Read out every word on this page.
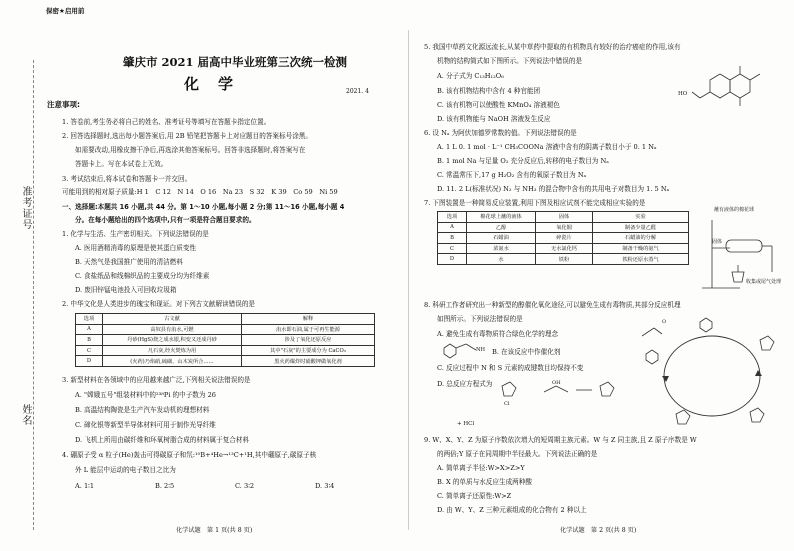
准考证号
姓名
保密★启用前
肇庆市 2021 届高中毕业班第三次统一检测
化　学	2021. 4
注意事项:
1. 答卷前,考生务必将自己的姓名、准考证号等填写在答题卡指定位置。
2. 回答选择题时,选出每小题答案后,用 2B 铅笔把答题卡上对应题目的答案标号涂黑。
如需要改动,用橡皮擦干净后,再选涂其他答案标号。回答非选择题时,将答案写在
答题卡上。写在本试卷上无效。
3. 考试结束后,将本试卷和答题卡一并交回。
可能用到的相对原子质量:H 1　C 12　N 14　O 16　Na 23　S 32　K 39　Co 59　Ni 59
一、选择题:本题共 16 小题,共 44 分。第 1～10 小题,每小题 2 分;第 11～16 小题,每小题 4
分。在每小题给出的四个选项中,只有一项是符合题目要求的。
1. 化学与生活、生产密切相关。下列说法错误的是
A. 医用酒精消毒的原理是使其蛋白质变性
B. 天然气是我国推广使用的清洁燃料
C. 食盐纸品和线棉织品的主要成分均为纤维素
D. 废旧锌锰电池投入可回收垃圾箱
2. 中华文化是人类进步的瑰宝和现证。对下列古文献解读错误的是
选项	古文献	解释
A	高奴县有洧水,可燃	洧水即石油,属于可再生能源
B	丹砂(HgS)烧之成水银,积变又还成丹砂	涉及了氧化还原反应
C	凡石灰,经火焚炼为用	其中"石灰"的主要成分为 CaCO₃
D	(火药)乃焰硝,硫磺、山木炭所合……	黑火药爆炸时硝酸钾做氧化剂
3. 新型材料在各领域中的应用越来越广泛,下列相关说法错误的是
A. "嫦娥五号"组装材料中的²³⁸Pi 的中子数为 26
B. 高温结构陶瓷是生产汽车发动机的理想材料
C. 碲化银等新型半导体材料可用于制作光导纤维
D. 飞机上所用由碳纤维和环氧树脂合成的材料属于复合材料
4. 硼原子受 α 粒子(He)轰击可得碳原子和氘:¹⁰B+⁴He→¹³C+¹H,其中硼原子,碳原子核
外 L 能层中运动的电子数目之比为
A. 1∶1	B. 2∶5	C. 3∶2	D. 3∶4
化学试题　第 1 页(共 8 页)
5. 我国中草药文化源远流长,从某中草药中提取的有机物具有较好的治疗癌症的作用,该有
机物的结构简式如下图所示。下列说法中错误的是
A. 分子式为 C₁₃H₁₂O₆
B. 该有机物结构中含有 4 种官能团
C. 该有机物可以使酸性 KMnO₄ 溶液褪色
D. 该有机物能与 NaOH 溶液发生反应
HO
6. 设 Nₐ 为阿伏加德罗常数的值。下列说法错误的是
A. 1 L 0. 1 mol · L⁻¹ CH₃COONa 溶液中含有的阴离子数目小于 0. 1 Nₐ
B. 1 mol Na 与足量 O₂ 充分反应后,转移的电子数目为 Nₐ
C. 常温常压下,17 g H₂O₂ 含有的氧原子数目为 Nₐ
D. 11. 2 L(标准状况) N₂ 与 NH₃ 的混合物中含有的共用电子对数目为 1. 5 Nₐ
7. 下图装置是一种简易反应装置,利用下图及相应试剂不能完成相应实验的是
选项	棉花球上蘸的液体	固体	实验
A	乙醇	氧化铜	制备少量乙醛
B	石蜡油	碎瓷片	石蜡油的分解
C	浓氨水	无水氯化钙	制备干燥的氨气
D	水	铁粉	铁粉还原水蒸气
蘸有液体的棉花球
固体
收集或尾气处理
8. 科研工作者研究出一种新型的醇催化氧化途径,可以避免生成有毒物质,其部分反应机理
如图所示。下列说法错误的是
A. 避免生成有毒物质符合绿色化学的理念
B. 在该反应中作催化剂
C. 反应过程中 N 和 S 元素的成键数目均保持不变
D. 总反应方程式为
NH
Cl
OH
+ HCl
O
9. W、X、Y、Z 为原子序数依次增大的短周期主族元素。W 与 Z 同主族,且 Z 原子序数是 W
的两倍;Y 原子在同周期中半径最大。下列说法正确的是
A. 简单离子半径:W>X>Z>Y
B. X 的单质与水反应生成两种酸
C. 简单离子还原性:W>Z
D. 由 W、Y、Z 三种元素组成的化合物有 2 种以上
化学试题　第 2 页(共 8 页)
